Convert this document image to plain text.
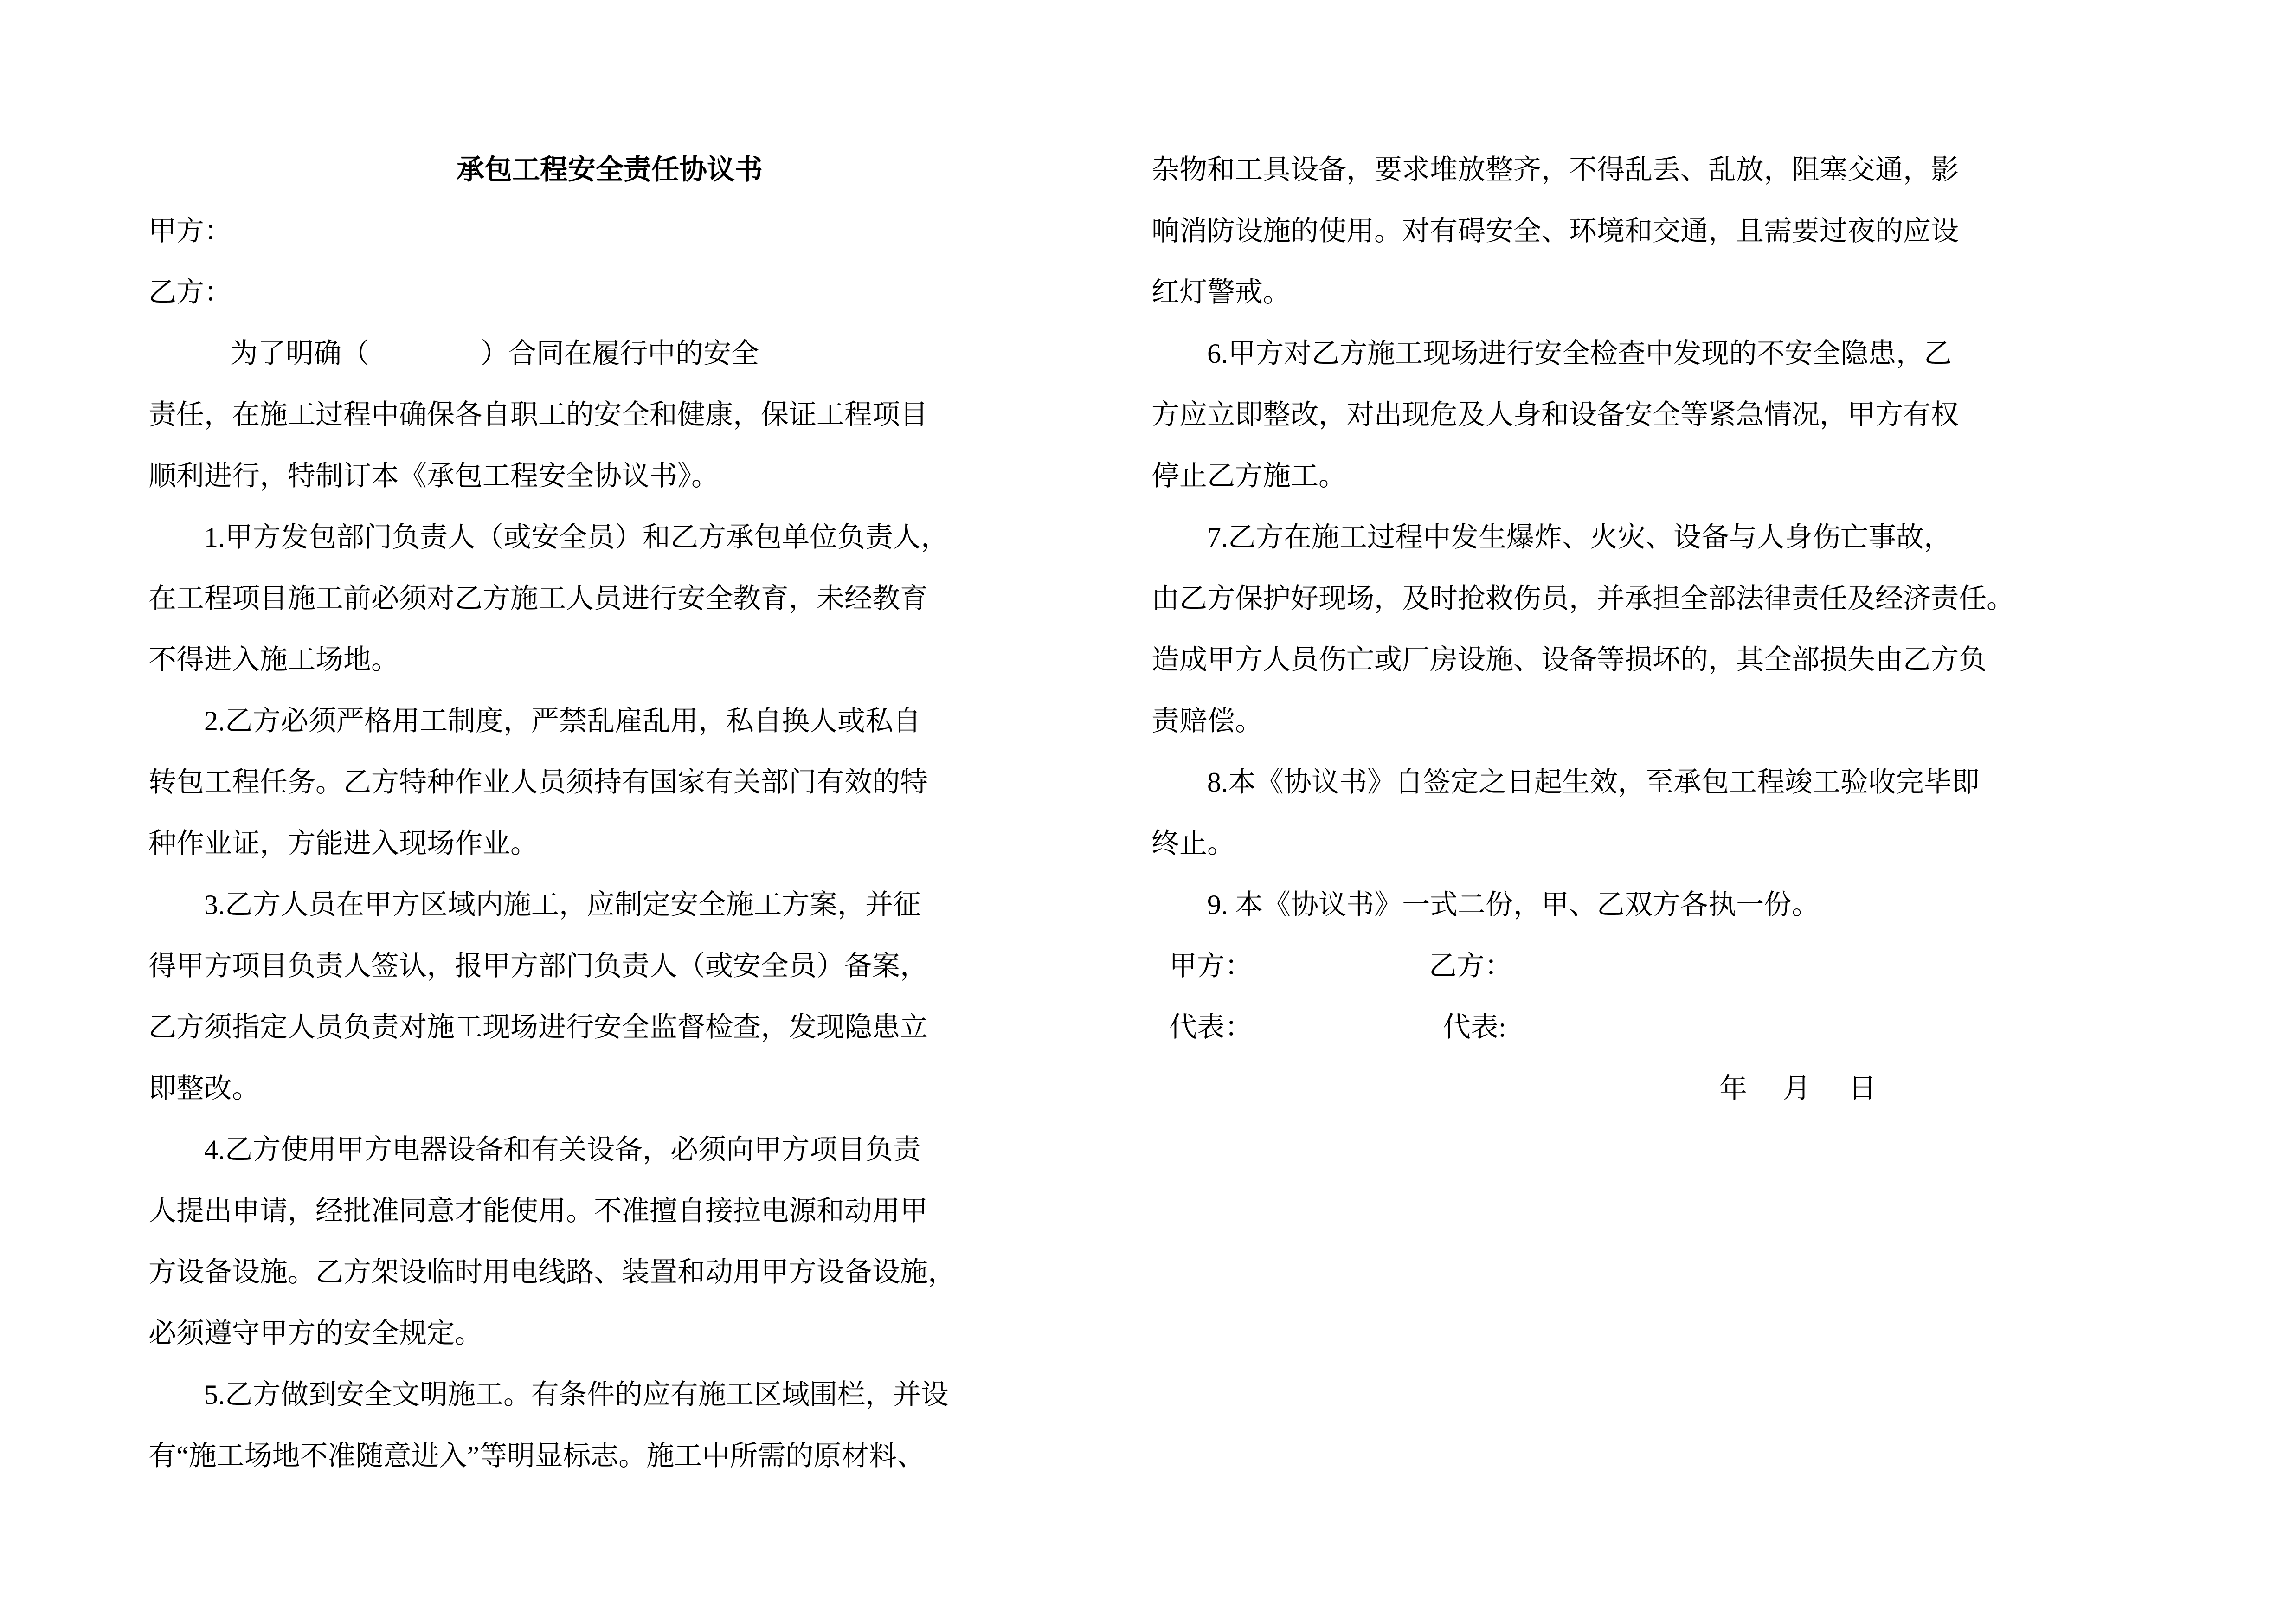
承包工程安全责任协议书

甲方：

乙方：

为了明确（　　　　）合同在履行中的安全

责任，在施工过程中确保各自职工的安全和健康，保证工程项目

顺利进行，特制订本《承包工程安全协议书》。

1.甲方发包部门负责人（或安全员）和乙方承包单位负责人，

在工程项目施工前必须对乙方施工人员进行安全教育，未经教育

不得进入施工场地。

2.乙方必须严格用工制度，严禁乱雇乱用，私自换人或私自

转包工程任务。乙方特种作业人员须持有国家有关部门有效的特

种作业证，方能进入现场作业。

3.乙方人员在甲方区域内施工，应制定安全施工方案，并征

得甲方项目负责人签认，报甲方部门负责人（或安全员）备案，

乙方须指定人员负责对施工现场进行安全监督检查，发现隐患立

即整改。

4.乙方使用甲方电器设备和有关设备，必须向甲方项目负责

人提出申请，经批准同意才能使用。不准擅自接拉电源和动用甲

方设备设施。乙方架设临时用电线路、装置和动用甲方设备设施，

必须遵守甲方的安全规定。

5.乙方做到安全文明施工。有条件的应有施工区域围栏，并设

有“施工场地不准随意进入”等明显标志。施工中所需的原材料、

杂物和工具设备，要求堆放整齐，不得乱丢、乱放，阻塞交通，影

响消防设施的使用。对有碍安全、环境和交通，且需要过夜的应设

红灯警戒。

6.甲方对乙方施工现场进行安全检查中发现的不安全隐患，乙

方应立即整改，对出现危及人身和设备安全等紧急情况，甲方有权

停止乙方施工。

7.乙方在施工过程中发生爆炸、火灾、设备与人身伤亡事故，

由乙方保护好现场，及时抢救伤员，并承担全部法律责任及经济责任。

造成甲方人员伤亡或厂房设施、设备等损坏的，其全部损失由乙方负

责赔偿。

8.本《协议书》自签定之日起生效，至承包工程竣工验收完毕即

终止。

9. 本《协议书》一式二份，甲、乙双方各执一份。

甲方：	乙方：

代表：	代表:

年 月 日
